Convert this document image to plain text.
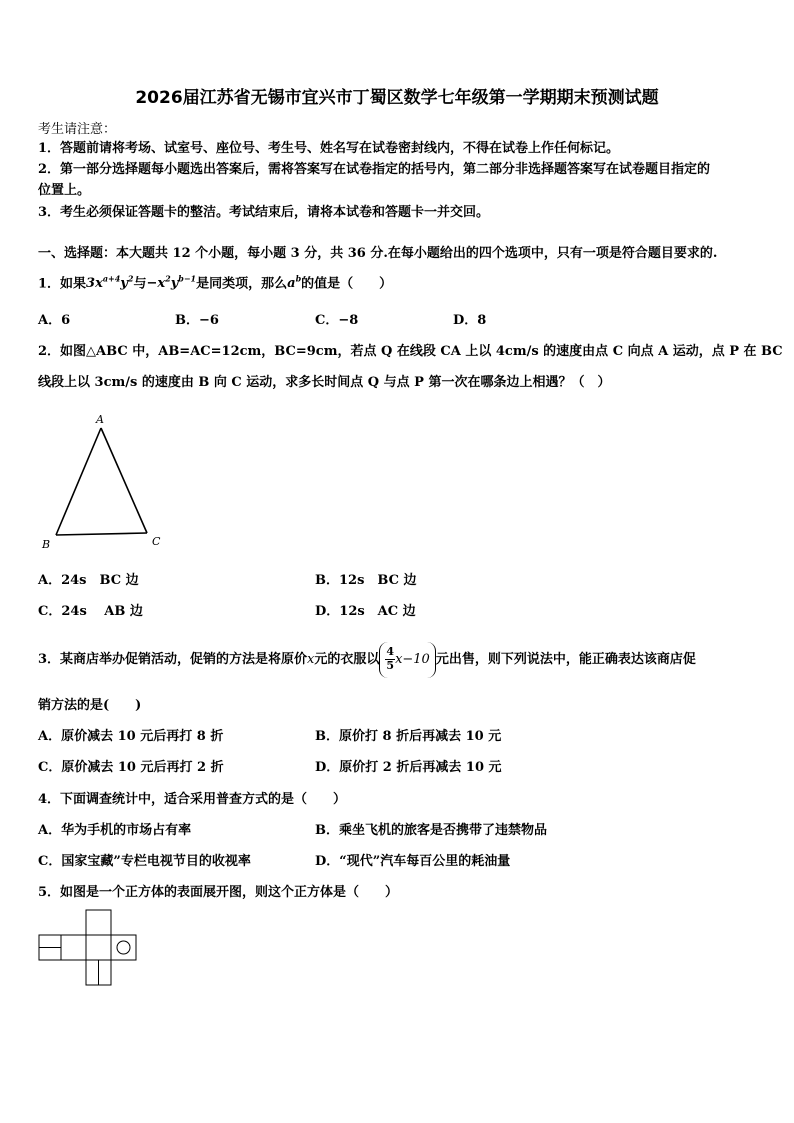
2026届江苏省无锡市宜兴市丁蜀区数学七年级第一学期期末预测试题
考生请注意：
1．答题前请将考场、试室号、座位号、考生号、姓名写在试卷密封线内，不得在试卷上作任何标记。
2．第一部分选择题每小题选出答案后，需将答案写在试卷指定的括号内，第二部分非选择题答案写在试卷题目指定的
位置上。
3．考生必须保证答题卡的整洁。考试结束后，请将本试卷和答题卡一并交回。
一、选择题：本大题共 12 个小题，每小题 3 分，共 36 分.在每小题给出的四个选项中，只有一项是符合题目要求的.
1．如果$3x^{a+4}y^2$与$-x^2y^{b-1}$是同类项，那么$a^b$的值是（　　）
A．6	B．−6	C．−8	D．8
2．如图△ABC 中，AB=AC=12cm，BC=9cm，若点 Q 在线段 CA 上以 4cm/s 的速度由点 C 向点 A 运动，点 P 在 BC
线段上以 3cm/s 的速度由 B 向 C 运动，求多长时间点 Q 与点 P 第一次在哪条边上相遇？（　）
A
B	C
A．24s　BC 边	B．12s　BC 边
C．24s　 AB 边	D．12s　AC 边
3．某商店举办促销活动，促销的方法是将原价x元的衣服以 $\frac{4}{5} x-10$ 元出售，则下列说法中，能正确表达该商店促
销方法的是(　　)
A．原价减去 10 元后再打 8 折	B．原价打 8 折后再减去 10 元
C．原价减去 10 元后再打 2 折	D．原价打 2 折后再减去 10 元
4．下面调查统计中，适合采用普查方式的是（　　）
A．华为手机的市场占有率	B．乘坐飞机的旅客是否携带了违禁物品
C．国家宝藏”专栏电视节目的收视率	D．“现代”汽车每百公里的耗油量
5．如图是一个正方体的表面展开图，则这个正方体是（　　）
